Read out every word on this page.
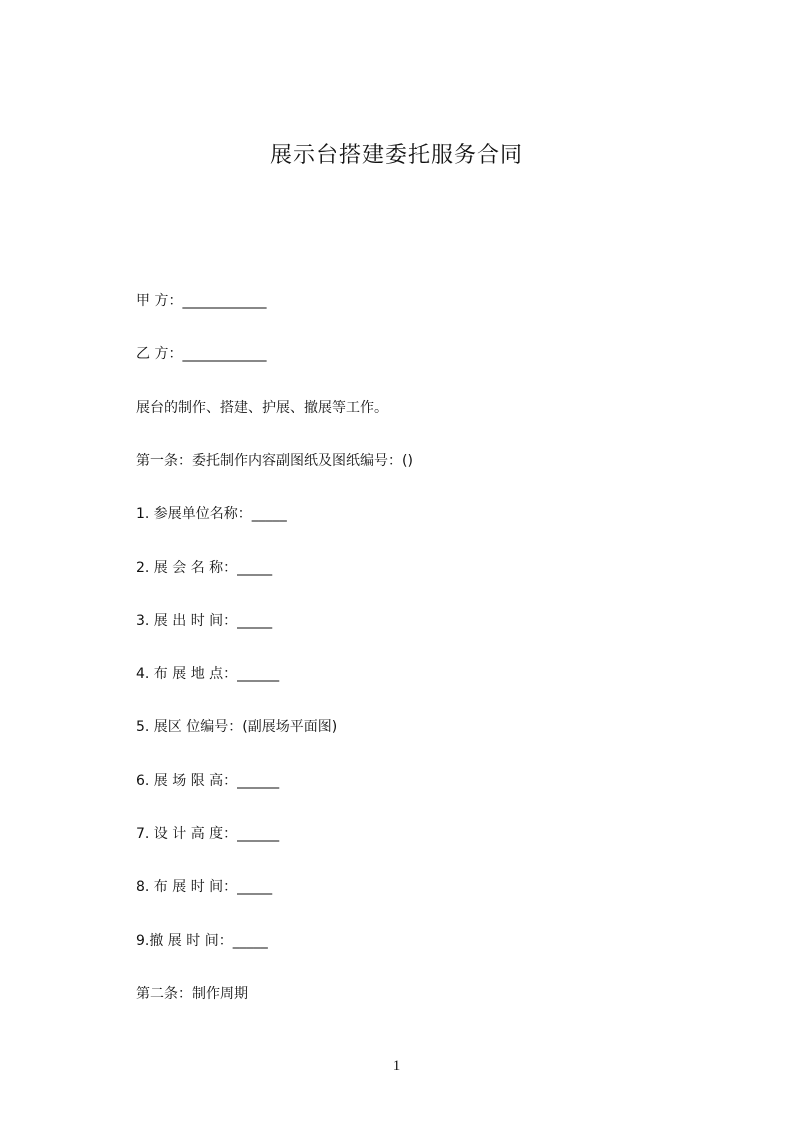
展示台搭建委托服务合同
甲 方：____________
乙 方：____________
展台的制作、搭建、护展、撤展等工作。
第一条：委托制作内容副图纸及图纸编号：()
1. 参展单位名称：_____
2. 展 会 名 称：_____
3. 展 出 时 间：_____
4. 布 展 地 点：______
5. 展区 位编号：(副展场平面图)
6. 展 场 限 高：______
7. 设 计 高 度：______
8. 布 展 时 间：_____
9.撤 展 时 间：_____
第二条：制作周期
1
